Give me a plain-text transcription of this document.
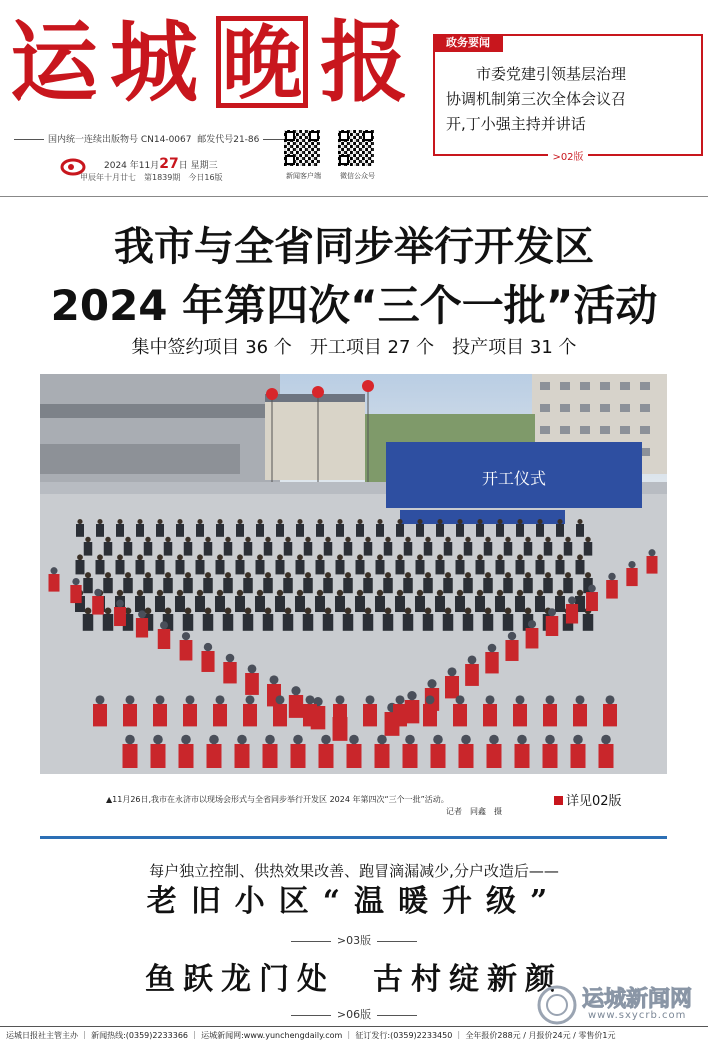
运 城 晚 报
国内统一连续出版物号 CN14-0067 邮发代号21-86
2024 年11月27日 星期三
甲辰年十月廿七　第1839期　今日16版	新闻客户端	微信公众号
政务要闻

　　市委党建引领基层治理

协调机制第三次全体会议召

开,丁小强主持并讲话

>02版
我市与全省同步举行开发区
2024 年第四次“三个一批”活动
集中签约项目 36 个　开工项目 27 个　投产项目 31 个
开工仪式
▲11月26日,我市在永济市以现场会形式与全省同步举行开发区 2024 年第四次“三个一批”活动。
记者　同鑫　摄
详见02版
每户独立控制、供热效果改善、跑冒滴漏减少,分户改造后——
老旧小区“温暖升级”
>03版
鱼跃龙门处　古村绽新颜
>06版
运城新闻网
www.sxycrb.com
运城日报社主管主办 ｜ 新闻热线:(0359)2233366 ｜ 运城新闻网:www.yunchengdaily.com ｜ 征订发行:(0359)2233450 ｜ 全年报价288元 / 月报价24元 / 零售价1元
